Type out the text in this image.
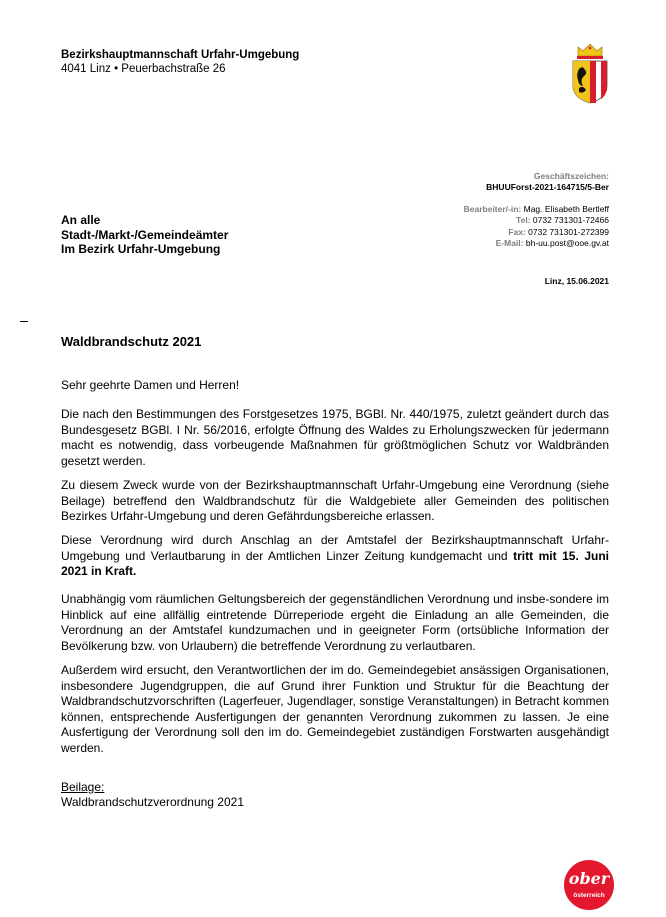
Bezirkshauptmannschaft Urfahr-Umgebung
4041 Linz • Peuerbachstraße 26
Geschäftszeichen:
BHUUForst-2021-164715/5-Ber
Bearbeiter/-in: Mag. Elisabeth Bertleff
Tel: 0732 731301-72466
Fax: 0732 731301-272399
E-Mail: bh-uu.post@ooe.gv.at
An alle
Stadt-/Markt-/Gemeindeämter
Im Bezirk Urfahr-Umgebung
Linz, 15.06.2021
Waldbrandschutz 2021
Sehr geehrte Damen und Herren!
Die nach den Bestimmungen des Forstgesetzes 1975, BGBl. Nr. 440/1975, zuletzt geändert durch das Bundesgesetz BGBl. I Nr. 56/2016, erfolgte Öffnung des Waldes zu Erholungszwecken für jedermann macht es notwendig, dass vorbeugende Maßnahmen für größtmöglichen Schutz vor Waldbränden gesetzt werden.
Zu diesem Zweck wurde von der Bezirkshauptmannschaft Urfahr-Umgebung eine Verordnung (siehe Beilage) betreffend den Waldbrandschutz für die Waldgebiete aller Gemeinden des politischen Bezirkes Urfahr-Umgebung und deren Gefährdungsbereiche erlassen.
Diese Verordnung wird durch Anschlag an der Amtstafel der Bezirkshauptmannschaft Urfahr-Umgebung und Verlautbarung in der Amtlichen Linzer Zeitung kundgemacht und tritt mit 15. Juni 2021 in Kraft.
Unabhängig vom räumlichen Geltungsbereich der gegenständlichen Verordnung und insbe-sondere im Hinblick auf eine allfällig eintretende Dürreperiode ergeht die Einladung an alle Gemeinden, die Verordnung an der Amtstafel kundzumachen und in geeigneter Form (ortsübliche Information der Bevölkerung bzw. von Urlaubern) die betreffende Verordnung zu verlautbaren.
Außerdem wird ersucht, den Verantwortlichen der im do. Gemeindegebiet ansässigen Organisationen, insbesondere Jugendgruppen, die auf Grund ihrer Funktion und Struktur für die Beachtung der Waldbrandschutzvorschriften (Lagerfeuer, Jugendlager, sonstige Veranstaltungen) in Betracht kommen können, entsprechende Ausfertigungen der genannten Verordnung zukommen zu lassen. Je eine Ausfertigung der Verordnung soll den im do. Gemeindegebiet zuständigen Forstwarten ausgehändigt werden.
Beilage:
Waldbrandschutzverordnung 2021
ober
österreich
